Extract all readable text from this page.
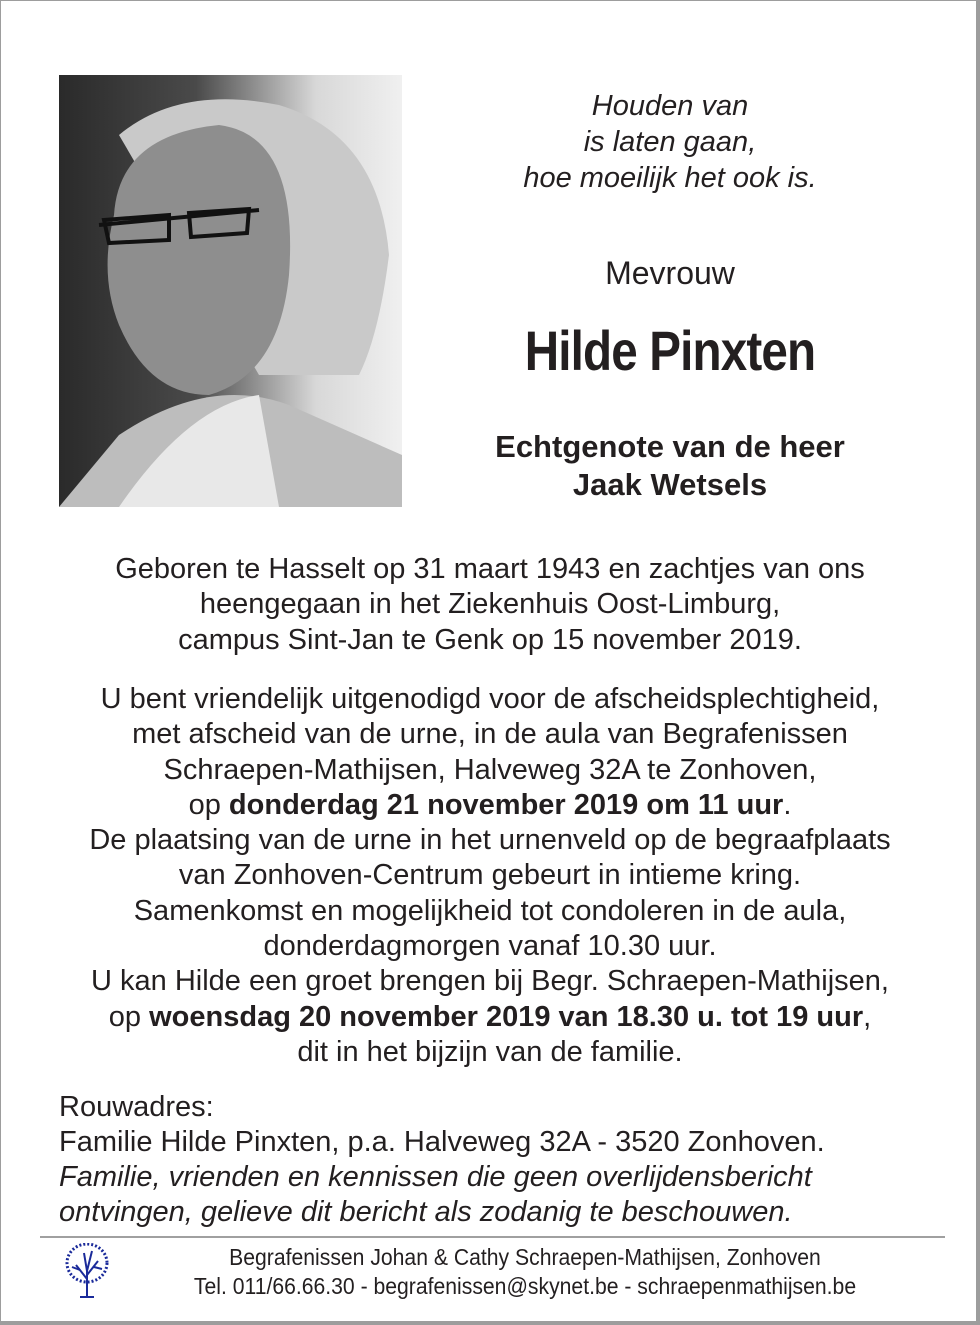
Houden van
is laten gaan,
hoe moeilijk het ook is.
Mevrouw
Hilde Pinxten
Echtgenote van de heer
Jaak Wetsels
Geboren te Hasselt op 31 maart 1943 en zachtjes van ons
heengegaan in het Ziekenhuis Oost-Limburg,
campus Sint-Jan te Genk op 15 november 2019.
U bent vriendelijk uitgenodigd voor de afscheidsplechtigheid,
met afscheid van de urne, in de aula van Begrafenissen
Schraepen-Mathijsen, Halveweg 32A te Zonhoven,
op donderdag 21 november 2019 om 11 uur.
De plaatsing van de urne in het urnenveld op de begraafplaats
van Zonhoven-Centrum gebeurt in intieme kring.
Samenkomst en mogelijkheid tot condoleren in de aula,
donderdagmorgen vanaf 10.30 uur.
U kan Hilde een groet brengen bij Begr. Schraepen-Mathijsen,
op woensdag 20 november 2019 van 18.30 u. tot 19 uur,
dit in het bijzijn van de familie.
Rouwadres:
Familie Hilde Pinxten, p.a. Halveweg 32A - 3520 Zonhoven.
Familie, vrienden en kennissen die geen overlijdensbericht
ontvingen, gelieve dit bericht als zodanig te beschouwen.
Begrafenissen Johan & Cathy Schraepen-Mathijsen, Zonhoven
Tel. 011/66.66.30 - begrafenissen@skynet.be - schraepenmathijsen.be
